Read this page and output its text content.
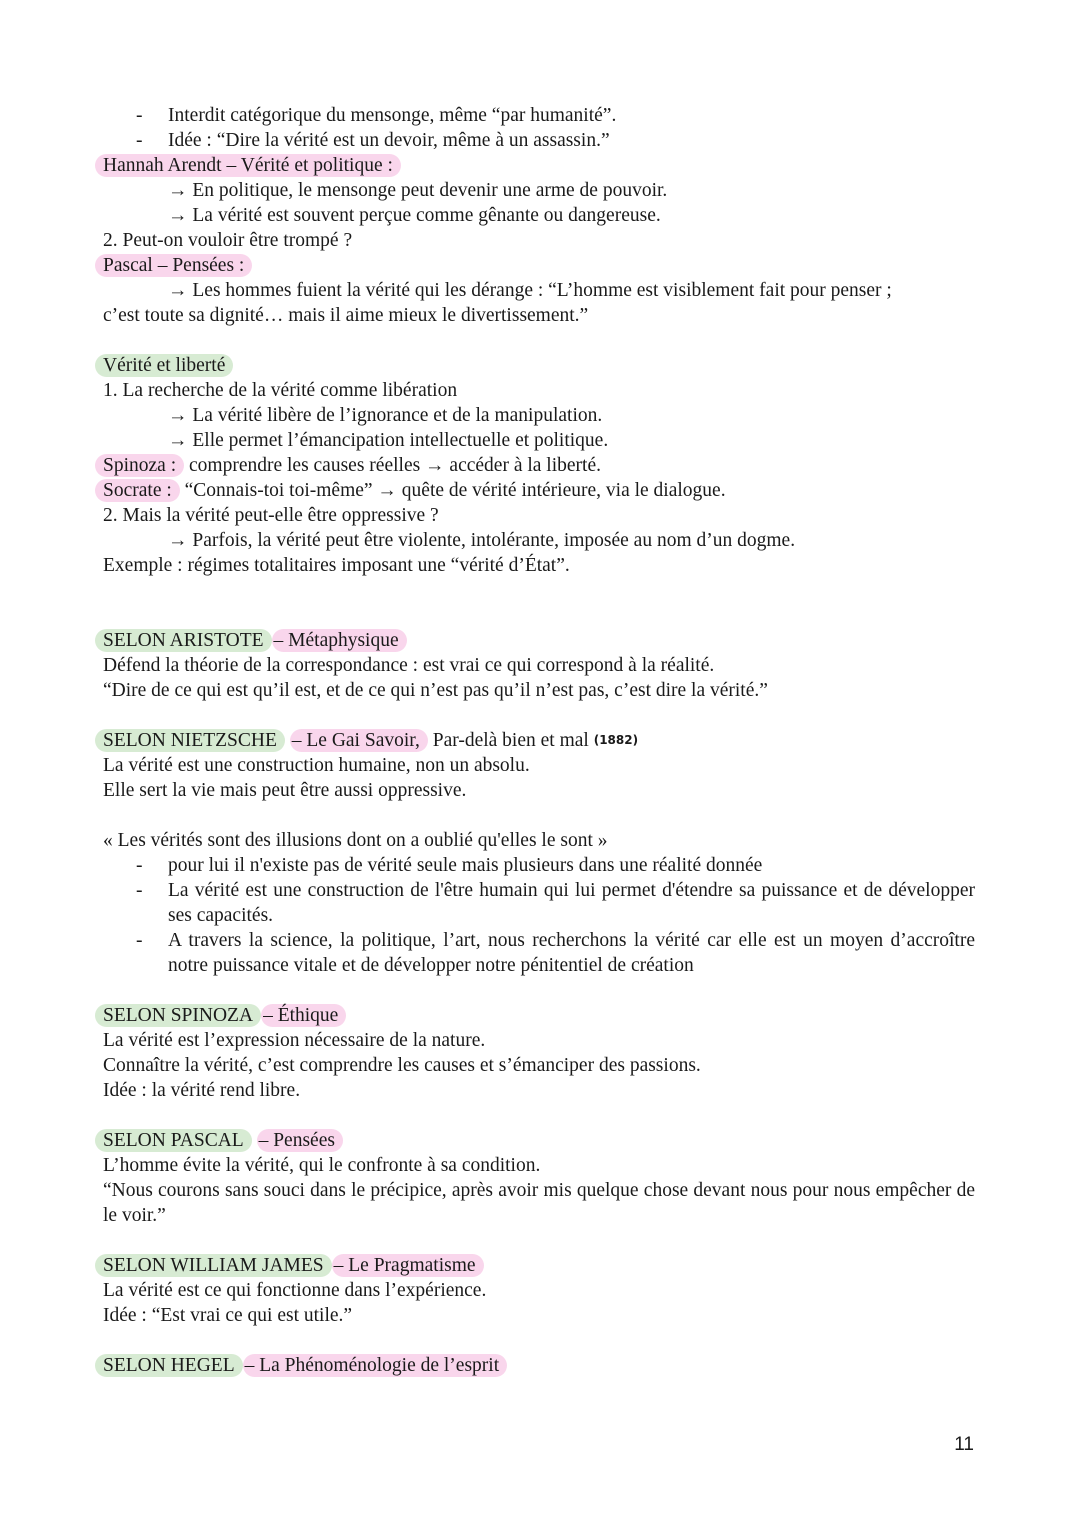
- Interdit catégorique du mensonge, même “par humanité”.
- Idée : “Dire la vérité est un devoir, même à un assassin.”
Hannah Arendt – Vérité et politique :
→ En politique, le mensonge peut devenir une arme de pouvoir.
→ La vérité est souvent perçue comme gênante ou dangereuse.
2. Peut-on vouloir être trompé ?
Pascal – Pensées :
→ Les hommes fuient la vérité qui les dérange : “L’homme est visiblement fait pour penser ;
c’est toute sa dignité… mais il aime mieux le divertissement.”
Vérité et liberté
1. La recherche de la vérité comme libération
→ La vérité libère de l’ignorance et de la manipulation.
→ Elle permet l’émancipation intellectuelle et politique.
Spinoza : comprendre les causes réelles → accéder à la liberté.
Socrate : “Connais-toi toi-même” → quête de vérité intérieure, via le dialogue.
2. Mais la vérité peut-elle être oppressive ?
→ Parfois, la vérité peut être violente, intolérante, imposée au nom d’un dogme.
Exemple : régimes totalitaires imposant une “vérité d’État”.
SELON ARISTOTE – Métaphysique
Défend la théorie de la correspondance : est vrai ce qui correspond à la réalité.
“Dire de ce qui est qu’il est, et de ce qui n’est pas qu’il n’est pas, c’est dire la vérité.”
SELON NIETZSCHE – Le Gai Savoir, Par-delà bien et mal (1882)
La vérité est une construction humaine, non un absolu.
Elle sert la vie mais peut être aussi oppressive.
« Les vérités sont des illusions dont on a oublié qu'elles le sont »
- pour lui il n'existe pas de vérité seule mais plusieurs dans une réalité donnée
- La vérité est une construction de l'être humain qui lui permet d'étendre sa puissance et de développer ses capacités.
- A travers la science, la politique, l’art, nous recherchons la vérité car elle est un moyen d’accroître notre puissance vitale et de développer notre pénitentiel de création
SELON SPINOZA – Éthique
La vérité est l’expression nécessaire de la nature.
Connaître la vérité, c’est comprendre les causes et s’émanciper des passions.
Idée : la vérité rend libre.
SELON PASCAL – Pensées
L’homme évite la vérité, qui le confronte à sa condition.
“Nous courons sans souci dans le précipice, après avoir mis quelque chose devant nous pour nous empêcher de le voir.”
SELON WILLIAM JAMES – Le Pragmatisme
La vérité est ce qui fonctionne dans l’expérience.
Idée : “Est vrai ce qui est utile.”
SELON HEGEL – La Phénoménologie de l’esprit
11
